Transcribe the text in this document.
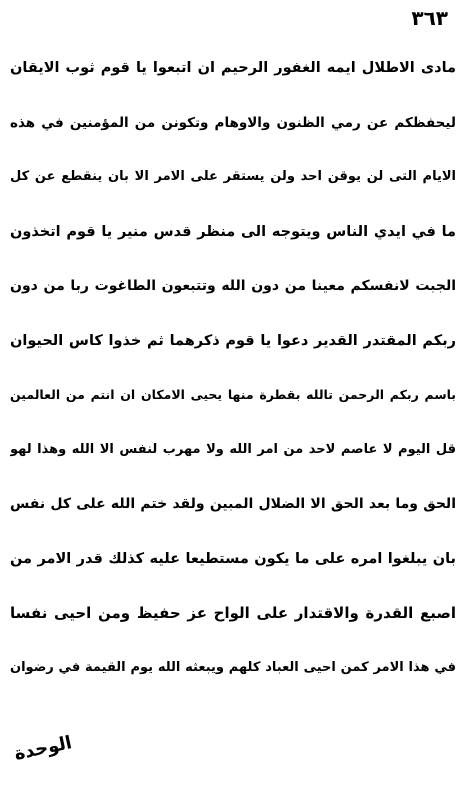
٣٦٣
مادى الاطلال ايمه الغفور الرحيم ان اتبعوا يا قوم ثوب الايقان
ليحفظكم عن رمي الظنون والاوهام وتكونن من المؤمنين في هذه
الايام التى لن يوقن احد ولن يستقر على الامر الا بان ينقطع عن كل
ما في ايدي الناس ويتوجه الى منظر قدس منير يا قوم اتخذون
الجبت لانفسكم معينا من دون الله وتتبعون الطاغوت ربا من دون
ربكم المقتدر القدير دعوا يا قوم ذكرهما ثم خذوا كاس الحيوان
باسم ربكم الرحمن تالله بقطرة منها يحيى الامكان ان انتم من العالمين
قل اليوم لا عاصم لاحد من امر الله ولا مهرب لنفس الا الله وهذا لهو
الحق وما بعد الحق الا الضلال المبين ولقد ختم الله على كل نفس
بان يبلغوا امره على ما يكون مستطيعا عليه كذلك قدر الامر من
اصبع القدرة والاقتدار على الواح عز حفيظ ومن احيى نفسا
في هذا الامر كمن احيى العباد كلهم ويبعثه الله يوم القيمة في رضوان
الوحدة
